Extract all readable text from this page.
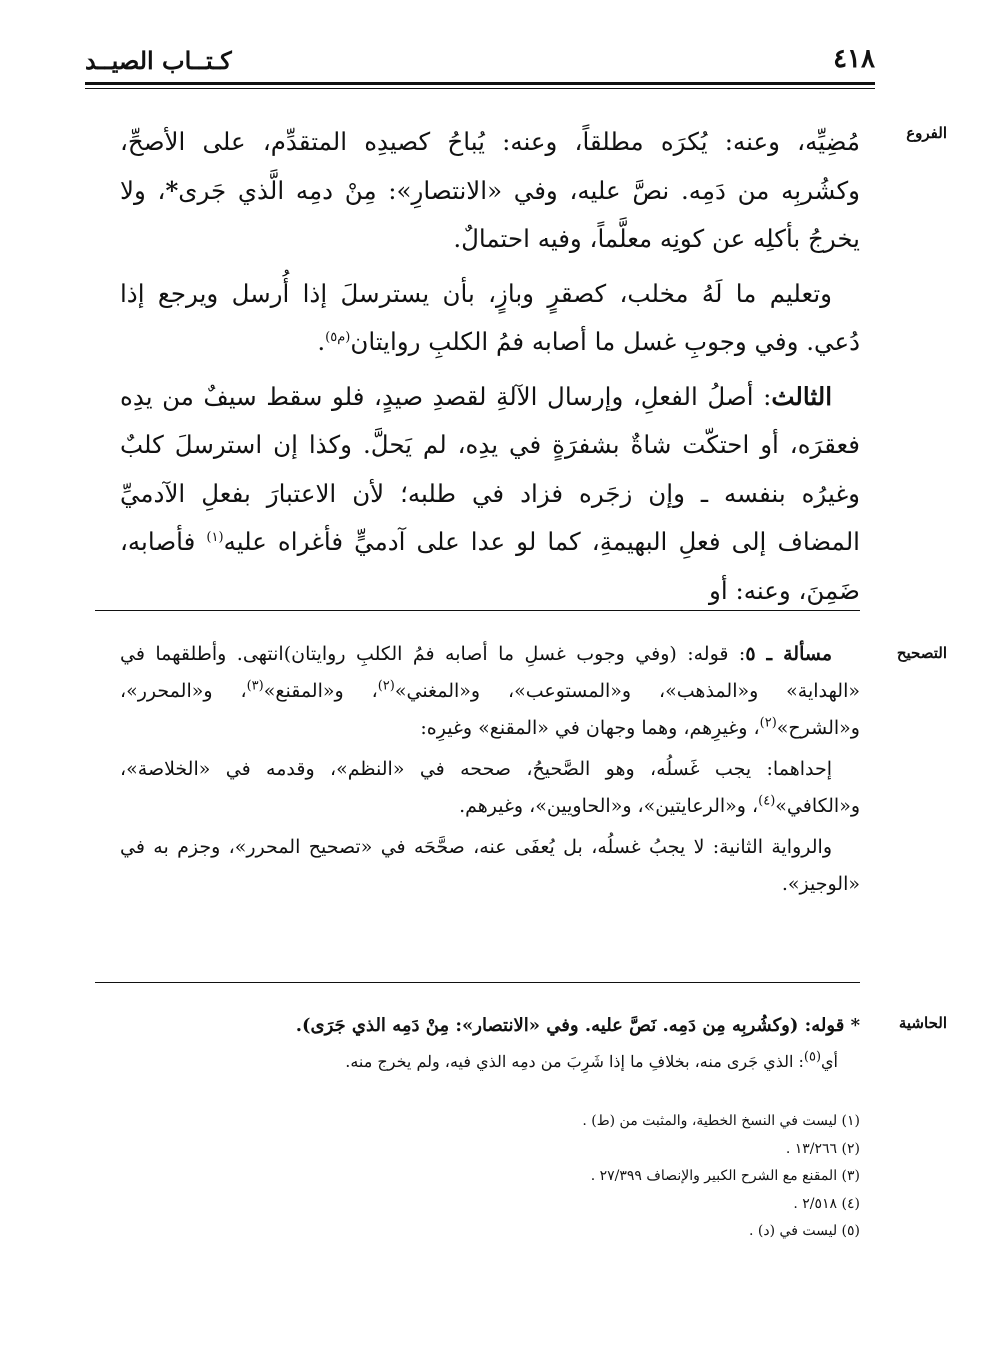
٤١٨
كـتــاب الصيــد
الفروع

مُضِيِّه، وعنه: يُكرَه مطلقاً، وعنه: يُباحُ كصيدِه المتقدِّم، على الأصحِّ، وكشُربِه من دَمِه. نصَّ عليه، وفي «الانتصارِ»: مِنْ دمِه الَّذي جَرى*، ولا يخرجُ بأكلِه عن كونِه معلَّماً، وفيه احتمالٌ.

وتعليم ما لَهُ مخلب، كصقرٍ وبازٍ، بأن يسترسلَ إذا أُرسل ويرجع إذا دُعي. وفي وجوبِ غسل ما أصابه فمُ الكلبِ روايتان$^{(م٥)}$.

الثالث: أصلُ الفعلِ، وإرسال الآلةِ لقصدِ صيدٍ، فلو سقط سيفٌ من يدِه فعقرَه، أو احتكّت شاةٌ بشفرَةٍ في يدِه، لم يَحلَّ. وكذا إن استرسلَ كلبٌ وغيرُه بنفسه ـ وإن زجَره فزاد في طلبه؛ لأن الاعتبارَ بفعلِ الآدميِّ المضاف إلى فعلِ البهيمةِ، كما لو عدا على آدميٍّ فأغراه عليه$^{(١)}$ فأصابه، ضَمِنَ، وعنه: أو

التصحيح

مسألة ـ ٥: قوله: (وفي وجوب غسلِ ما أصابه فمُ الكلبِ روايتان)انتهى. وأطلقهما في «الهداية» و«المذهب»، و«المستوعب»، و«المغني»$^{(٢)}$، و«المقنع»$^{(٣)}$، و«المحرر»، و«الشرح»$^{(٢)}$، وغيرِهم، وهما وجهان في «المقنع» وغيرِه:

إحداهما: يجب غَسلُه، وهو الصَّحيحُ، صححه في «النظم»، وقدمه في «الخلاصة»، و«الكافي»$^{(٤)}$، و«الرعايتين»، و«الحاويين»، وغيرهم.

والرواية الثانية: لا يجبُ غسلُه، بل يُعفَى عنه، صحَّحَه في «تصحيح المحرر»، وجزم به في «الوجيز».

الحاشية

* قوله: (وكشُربِه مِن دَمِه. نَصَّ عليه. وفي «الانتصار»: مِنْ دَمِه الذي جَرَى).

أي$^{(٥)}$: الذي جَرى منه، بخلافِ ما إذا شَرِبَ من دمِه الذي فيه، ولم يخرج منه.

(١) ليست في النسخ الخطية، والمثبت من (ط) .
(٢) ١٣/٢٦٦ .
(٣) المقنع مع الشرح الكبير والإنصاف ٢٧/٣٩٩ .
(٤) ٢/٥١٨ .
(٥) ليست في (د) .
